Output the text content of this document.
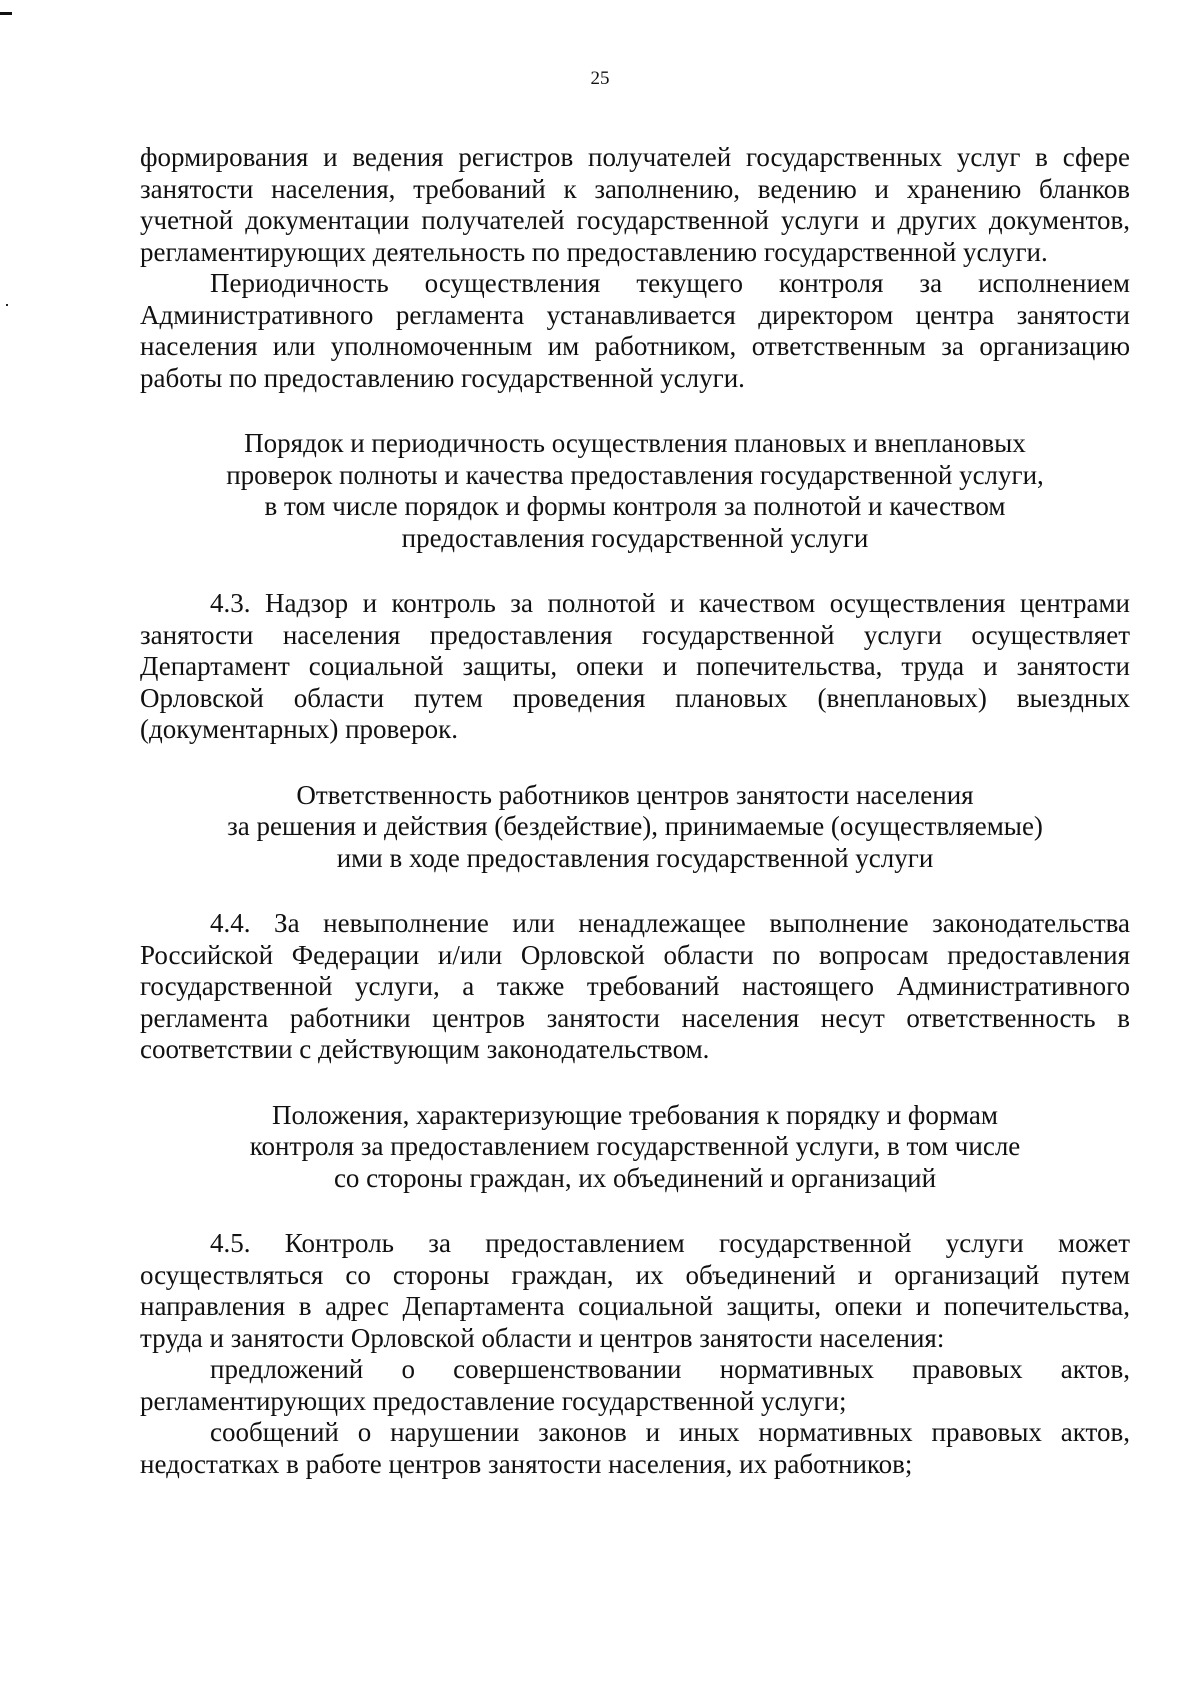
25

формирования и ведения регистров получателей государственных услуг в сфере занятости населения, требований к заполнению, ведению и хранению бланков учетной документации получателей государственной услуги и других документов, регламентирующих деятельность по предоставлению государственной услуги.

Периодичность осуществления текущего контроля за исполнением Административного регламента устанавливается директором центра занятости населения или уполномоченным им работником, ответственным за организацию работы по предоставлению государственной услуги.

Порядок и периодичность осуществления плановых и внеплановых

проверок полноты и качества предоставления государственной услуги,

в том числе порядок и формы контроля за полнотой и качеством

предоставления государственной услуги

4.3. Надзор и контроль за полнотой и качеством осуществления центрами занятости населения предоставления государственной услуги осуществляет Департамент социальной защиты, опеки и попечительства, труда и занятости Орловской области путем проведения плановых (внеплановых) выездных (документарных) проверок.

Ответственность работников центров занятости населения

за решения и действия (бездействие), принимаемые (осуществляемые)

ими в ходе предоставления государственной услуги

4.4. За невыполнение или ненадлежащее выполнение законодательства Российской Федерации и/или Орловской области по вопросам предоставления государственной услуги, а также требований настоящего Административного регламента работники центров занятости населения несут ответственность в соответствии с действующим законодательством.

Положения, характеризующие требования к порядку и формам

контроля за предоставлением государственной услуги, в том числе

со стороны граждан, их объединений и организаций

4.5. Контроль за предоставлением государственной услуги может осуществляться со стороны граждан, их объединений и организаций путем направления в адрес Департамента социальной защиты, опеки и попечительства, труда и занятости Орловской области и центров занятости населения:

предложений о совершенствовании нормативных правовых актов, регламентирующих предоставление государственной услуги;

сообщений о нарушении законов и иных нормативных правовых актов, недостатках в работе центров занятости населения, их работников;
